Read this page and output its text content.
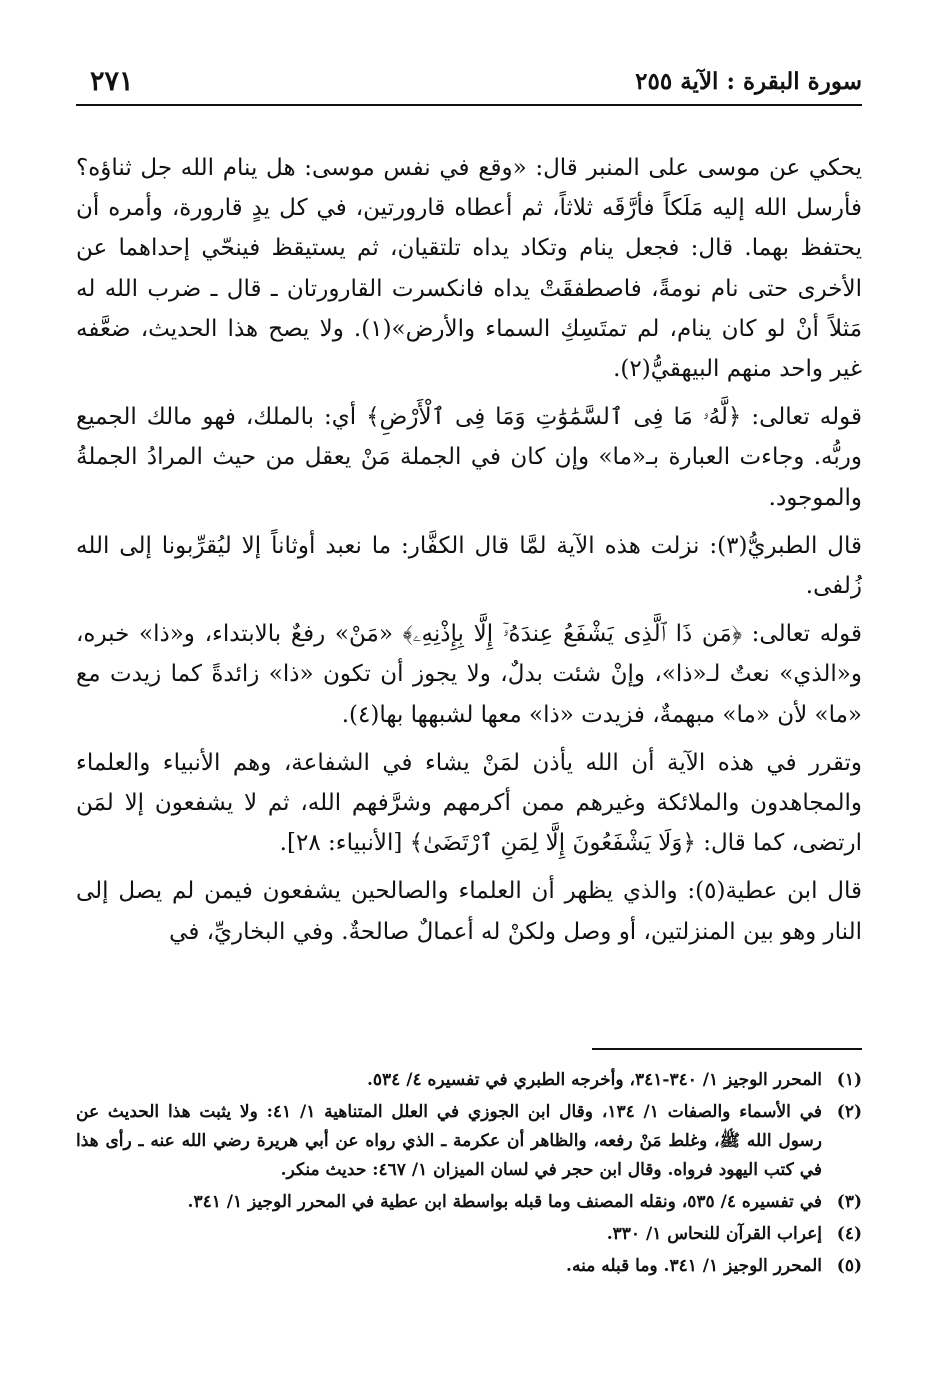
٢٧١	سورة البقرة : الآية ٢٥٥

يحكي عن موسى على المنبر قال: «وقع في نفس موسى: هل ينام الله جل ثناؤه؟ فأرسل الله إليه مَلَكاً فأرَّقَه ثلاثاً، ثم أعطاه قارورتين، في كل يدٍ قارورة، وأمره أن يحتفظ بهما. قال: فجعل ينام وتكاد يداه تلتقيان، ثم يستيقظ فينحّي إحداهما عن الأخرى حتى نام نومةً، فاصطفقَتْ يداه فانكسرت القارورتان ـ قال ـ ضرب الله له مَثلاً أنْ لو كان ينام، لم تمتَسِكِ السماء والأرض»(١). ولا يصح هذا الحديث، ضعَّفه غير واحد منهم البيهقيُّ(٢).

قوله تعالى: ﴿لَّهُۥ مَا فِى ٱلسَّمَٰوَٰتِ وَمَا فِى ٱلْأَرْضِ﴾ أي: بالملك، فهو مالك الجميع وربُّه. وجاءت العبارة بـ«ما» وإن كان في الجملة مَنْ يعقل من حيث المرادُ الجملةُ والموجود.

قال الطبريُّ(٣): نزلت هذه الآية لمَّا قال الكفَّار: ما نعبد أوثاناً إلا ليُقرِّبونا إلى الله زُلفى.

قوله تعالى: ﴿مَن ذَا ٱلَّذِى يَشْفَعُ عِندَهُۥٓ إِلَّا بِإِذْنِهِۦ﴾ «مَنْ» رفعٌ بالابتداء، و«ذا» خبره، و«الذي» نعتٌ لـ«ذا»، وإنْ شئت بدلٌ، ولا يجوز أن تكون «ذا» زائدةً كما زيدت مع «ما» لأن «ما» مبهمةٌ، فزيدت «ذا» معها لشبهها بها(٤).

وتقرر في هذه الآية أن الله يأذن لمَنْ يشاء في الشفاعة، وهم الأنبياء والعلماء والمجاهدون والملائكة وغيرهم ممن أكرمهم وشرَّفهم الله، ثم لا يشفعون إلا لمَن ارتضى، كما قال: ﴿وَلَا يَشْفَعُونَ إِلَّا لِمَنِ ٱرْتَضَىٰ﴾ [الأنبياء: ٢٨].

قال ابن عطية(٥): والذي يظهر أن العلماء والصالحين يشفعون فيمن لم يصل إلى النار وهو بين المنزلتين، أو وصل ولكنْ له أعمالٌ صالحةٌ. وفي البخاريِّ، في

(١)
المحرر الوجيز ١/ ٣٤٠-٣٤١، وأخرجه الطبري في تفسيره ٤/ ٥٣٤.
(٢)
في الأسماء والصفات ١/ ١٣٤، وقال ابن الجوزي في العلل المتناهية ١/ ٤١: ولا يثبت هذا الحديث عن رسول الله ﷺ، وغلط مَنْ رفعه، والظاهر أن عكرمة ـ الذي رواه عن أبي هريرة رضي الله عنه ـ رأى هذا في كتب اليهود فرواه. وقال ابن حجر في لسان الميزان ١/ ٤٦٧: حديث منكر.
(٣)
في تفسيره ٤/ ٥٣٥، ونقله المصنف وما قبله بواسطة ابن عطية في المحرر الوجيز ١/ ٣٤١.
(٤)
إعراب القرآن للنحاس ١/ ٣٣٠.
(٥)
المحرر الوجيز ١/ ٣٤١. وما قبله منه.
